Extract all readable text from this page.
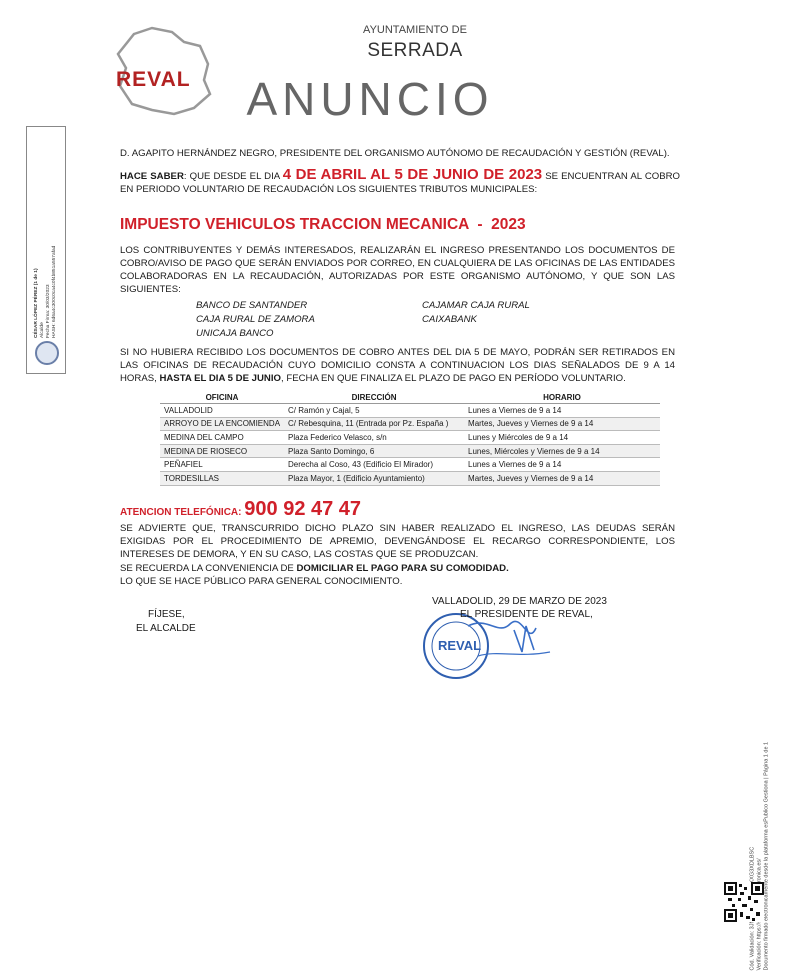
REVAL
AYUNTAMIENTO DE
SERRADA
ANUNCIO
D. AGAPITO HERNÁNDEZ NEGRO, PRESIDENTE DEL ORGANISMO AUTÓNOMO DE RECAUDACIÓN Y GESTIÓN (REVAL).
HACE SABER: QUE DESDE EL DIA 4 DE ABRIL AL 5 DE JUNIO DE 2023 SE ENCUENTRAN AL COBRO EN PERIODO VOLUNTARIO DE RECAUDACIÓN LOS SIGUIENTES TRIBUTOS MUNICIPALES:
IMPUESTO VEHICULOS TRACCION MECANICA  -  2023
LOS CONTRIBUYENTES Y DEMÁS INTERESADOS, REALIZARÁN EL INGRESO PRESENTANDO LOS DOCUMENTOS DE COBRO/AVISO DE PAGO QUE SERÁN ENVIADOS POR CORREO, EN CUALQUIERA DE LAS OFICINAS DE LAS ENTIDADES COLABORADORAS EN LA RECAUDACIÓN, AUTORIZADAS POR ESTE ORGANISMO AUTÓNOMO, Y QUE SON LAS SIGUIENTES:
BANCO DE SANTANDER	CAJAMAR CAJA RURAL
CAJA RURAL DE ZAMORA	CAIXABANK
UNICAJA BANCO
SI NO HUBIERA RECIBIDO LOS DOCUMENTOS DE COBRO ANTES DEL DIA 5 DE MAYO, PODRÁN SER RETIRADOS EN LAS OFICINAS DE RECAUDACIÓN CUYO DOMICILIO CONSTA A CONTINUACION LOS DIAS SEÑALADOS DE 9 A 14 HORAS, HASTA EL DIA 5 DE JUNIO, FECHA EN QUE FINALIZA EL PLAZO DE PAGO EN PERÍODO VOLUNTARIO.
OFICINA	DIRECCIÓN	HORARIO
VALLADOLID	C/ Ramón y Cajal, 5	Lunes a Viernes de 9 a 14
ARROYO DE LA ENCOMIENDA	C/ Rebesquina, 11 (Entrada por Pz. España )	Martes, Jueves y Viernes de 9 a 14
MEDINA DEL CAMPO	Plaza Federico Velasco, s/n	Lunes y Miércoles de 9 a 14
MEDINA DE RIOSECO	Plaza Santo Domingo, 6	Lunes, Miércoles y Viernes de 9 a 14
PEÑAFIEL	Derecha al Coso, 43 (Edificio El Mirador)	Lunes a Viernes de 9 a 14
TORDESILLAS	Plaza Mayor, 1 (Edificio Ayuntamiento)	Martes, Jueves y Viernes de 9 a 14
ATENCION TELEFÓNICA: 900 92 47 47
SE ADVIERTE QUE, TRANSCURRIDO DICHO PLAZO SIN HABER REALIZADO EL INGRESO, LAS DEUDAS SERÁN EXIGIDAS POR EL PROCEDIMIENTO DE APREMIO, DEVENGÁNDOSE EL RECARGO CORRESPONDIENTE, LOS INTERESES DE DEMORA, Y EN SU CASO, LAS COSTAS QUE SE PRODUZCAN.
SE RECUERDA LA CONVENIENCIA DE DOMICILIAR EL PAGO PARA SU COMODIDAD.
LO QUE SE HACE PÚBLICO PARA GENERAL CONOCIMIENTO.
REVAL
VALLADOLID, 29 DE MARZO DE 2023
EL PRESIDENTE DE REVAL,
FÍJESE,
EL ALCALDE
CÉSAR LÓPEZ PÉREZ (1 de 1) Alcalde Fecha Firma: 30/03/2023 HASH: 6d6a4c300c0ca4c0f4b851a557afad
Cód. Validación: Verificación: Documento firmado electrónicamente desde la plataforma esPublico Gestiona | Página 1 de 1
